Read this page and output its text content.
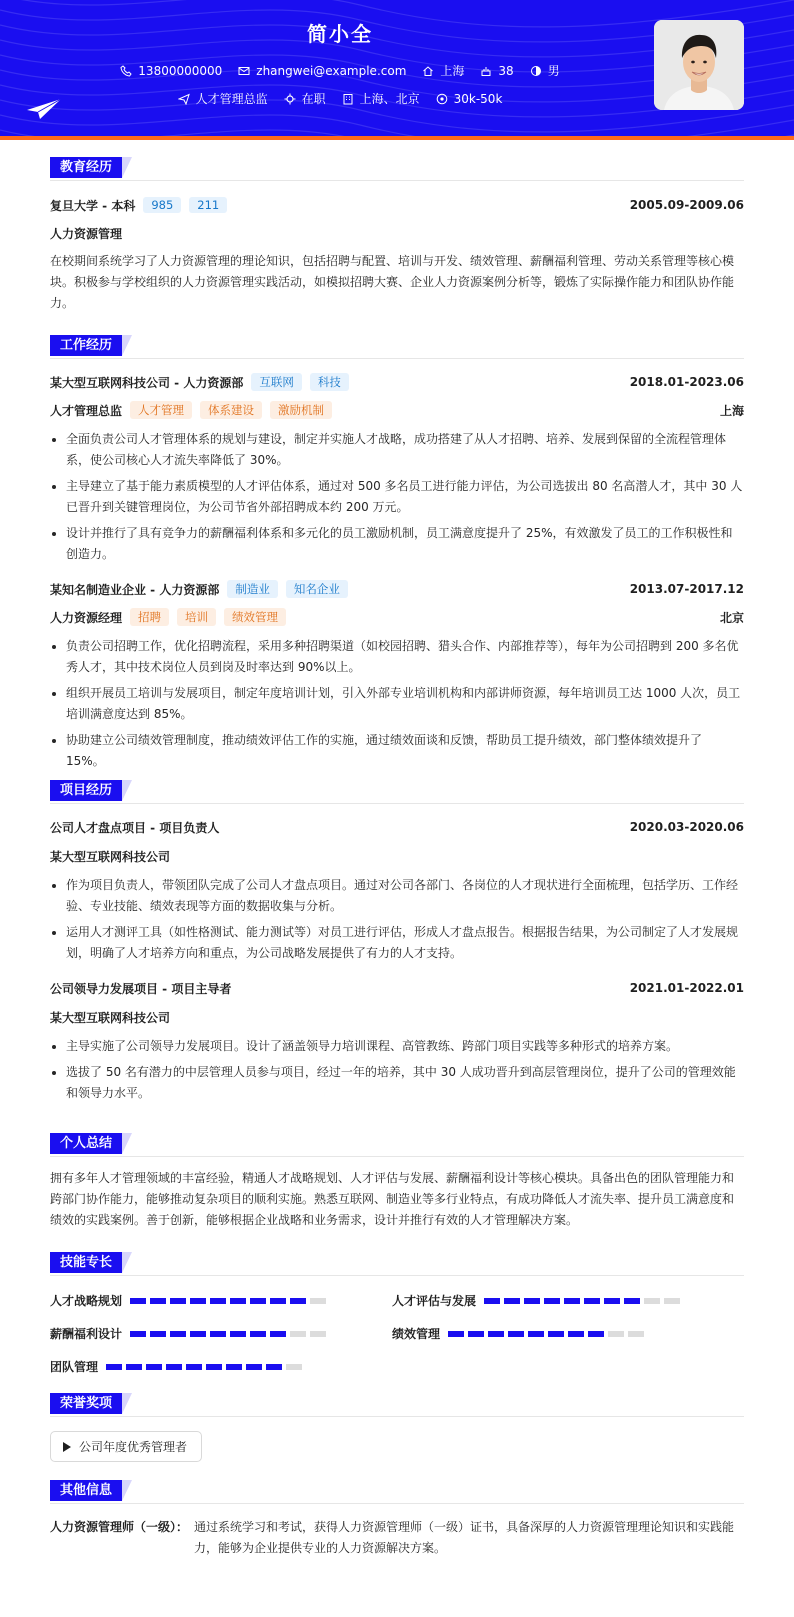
简小全
13800000000	zhangwei@example.com	上海	38	男
人才管理总监	在职	上海、北京	30k-50k
教育经历
复旦大学 - 本科	985	211	2005.09-2009.06
人力资源管理

在校期间系统学习了人力资源管理的理论知识，包括招聘与配置、培训与开发、绩效管理、薪酬福利管理、劳动关系管理等核心模块。积极参与学校组织的人力资源管理实践活动，如模拟招聘大赛、企业人力资源案例分析等，锻炼了实际操作能力和团队协作能力。

工作经历
某大型互联网科技公司 - 人力资源部	互联网	科技	2018.01-2023.06
人才管理总监	人才管理	体系建设	激励机制	上海
全面负责公司人才管理体系的规划与建设，制定并实施人才战略，成功搭建了从人才招聘、培养、发展到保留的全流程管理体系，使公司核心人才流失率降低了 30%。
主导建立了基于能力素质模型的人才评估体系，通过对 500 多名员工进行能力评估，为公司选拔出 80 名高潜人才，其中 30 人已晋升到关键管理岗位，为公司节省外部招聘成本约 200 万元。
设计并推行了具有竞争力的薪酬福利体系和多元化的员工激励机制，员工满意度提升了 25%，有效激发了员工的工作积极性和创造力。
某知名制造业企业 - 人力资源部	制造业	知名企业	2013.07-2017.12
人力资源经理	招聘	培训	绩效管理	北京
负责公司招聘工作，优化招聘流程，采用多种招聘渠道（如校园招聘、猎头合作、内部推荐等），每年为公司招聘到 200 多名优秀人才，其中技术岗位人员到岗及时率达到 90%以上。
组织开展员工培训与发展项目，制定年度培训计划，引入外部专业培训机构和内部讲师资源，每年培训员工达 1000 人次，员工培训满意度达到 85%。
协助建立公司绩效管理制度，推动绩效评估工作的实施，通过绩效面谈和反馈，帮助员工提升绩效，部门整体绩效提升了 15%。
项目经历
公司人才盘点项目 - 项目负责人	2020.03-2020.06
某大型互联网科技公司
作为项目负责人，带领团队完成了公司人才盘点项目。通过对公司各部门、各岗位的人才现状进行全面梳理，包括学历、工作经验、专业技能、绩效表现等方面的数据收集与分析。
运用人才测评工具（如性格测试、能力测试等）对员工进行评估，形成人才盘点报告。根据报告结果，为公司制定了人才发展规划，明确了人才培养方向和重点，为公司战略发展提供了有力的人才支持。
公司领导力发展项目 - 项目主导者	2021.01-2022.01
某大型互联网科技公司
主导实施了公司领导力发展项目。设计了涵盖领导力培训课程、高管教练、跨部门项目实践等多种形式的培养方案。
选拔了 50 名有潜力的中层管理人员参与项目，经过一年的培养，其中 30 人成功晋升到高层管理岗位，提升了公司的管理效能和领导力水平。
个人总结

拥有多年人才管理领域的丰富经验，精通人才战略规划、人才评估与发展、薪酬福利设计等核心模块。具备出色的团队管理能力和跨部门协作能力，能够推动复杂项目的顺利实施。熟悉互联网、制造业等多行业特点，有成功降低人才流失率、提升员工满意度和绩效的实践案例。善于创新，能够根据企业战略和业务需求，设计并推行有效的人才管理解决方案。

技能专长
人才战略规划	人才评估与发展
薪酬福利设计	绩效管理
团队管理
荣誉奖项
公司年度优秀管理者
其他信息
人力资源管理师（一级）： 通过系统学习和考试，获得人力资源管理师（一级）证书，具备深厚的人力资源管理理论知识和实践能力，能够为企业提供专业的人力资源解决方案。
